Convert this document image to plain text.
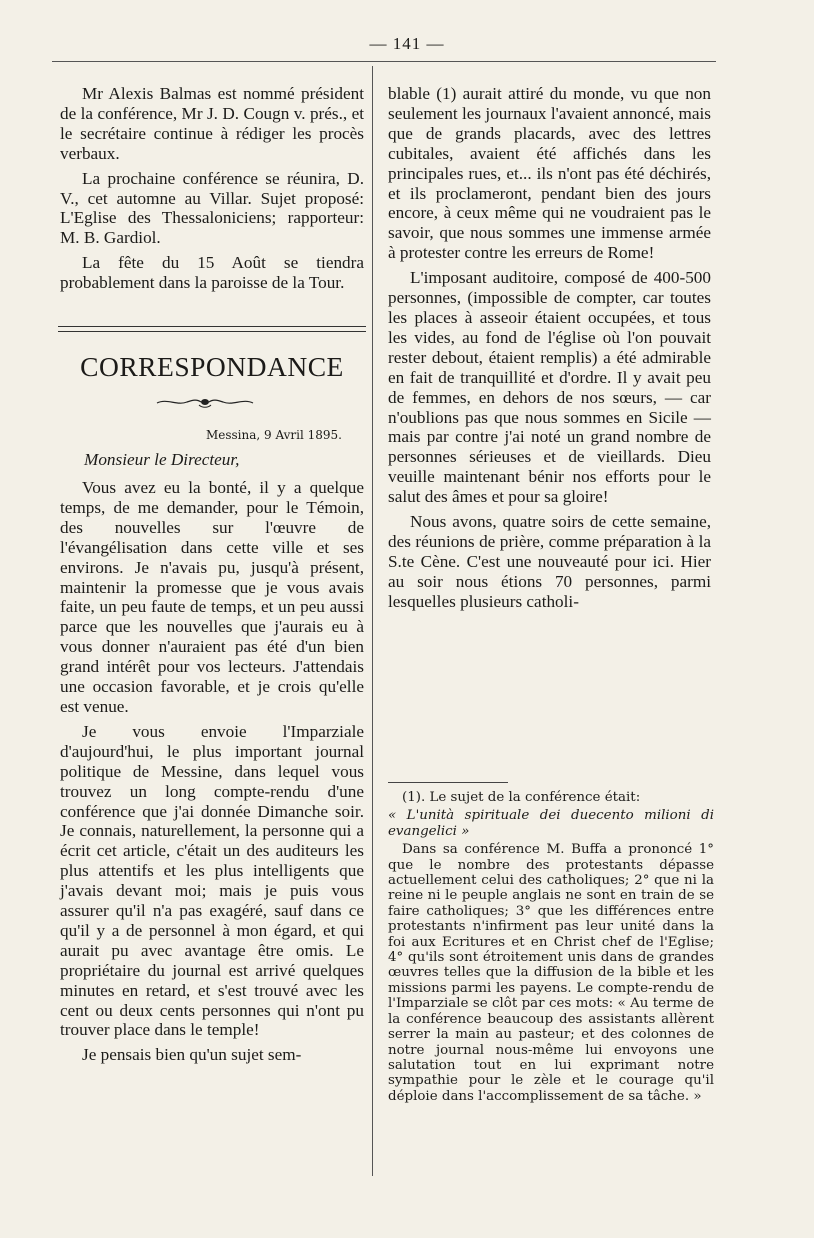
— 141 —

Mr Alexis Balmas est nommé président de la conférence, Mr J. D. Cougn v. prés., et le secrétaire continue à rédiger les procès verbaux.

La prochaine conférence se réunira, D. V., cet automne au Villar. Sujet proposé: L'Eglise des Thessaloniciens; rapporteur: M. B. Gardiol.

La fête du 15 Août se tiendra probablement dans la paroisse de la Tour.

CORRESPONDANCE
Messina, 9 Avril 1895.
Monsieur le Directeur,

Vous avez eu la bonté, il y a quelque temps, de me demander, pour le Témoin, des nouvelles sur l'œuvre de l'évangélisation dans cette ville et ses environs. Je n'avais pu, jusqu'à présent, maintenir la promesse que je vous avais faite, un peu faute de temps, et un peu aussi parce que les nouvelles que j'aurais eu à vous donner n'auraient pas été d'un bien grand intérêt pour vos lecteurs. J'attendais une occasion favorable, et je crois qu'elle est venue.

Je vous envoie l'Imparziale d'aujourd'hui, le plus important journal politique de Messine, dans lequel vous trouvez un long compte-rendu d'une conférence que j'ai donnée Dimanche soir. Je connais, naturellement, la personne qui a écrit cet article, c'était un des auditeurs les plus attentifs et les plus intelligents que j'avais devant moi; mais je puis vous assurer qu'il n'a pas exagéré, sauf dans ce qu'il y a de personnel à mon égard, et qui aurait pu avec avantage être omis. Le propriétaire du journal est arrivé quelques minutes en retard, et s'est trouvé avec les cent ou deux cents personnes qui n'ont pu trouver place dans le temple!

Je pensais bien qu'un sujet sem-

blable (1) aurait attiré du monde, vu que non seulement les journaux l'avaient annoncé, mais que de grands placards, avec des lettres cubitales, avaient été affichés dans les principales rues, et... ils n'ont pas été déchirés, et ils proclameront, pendant bien des jours encore, à ceux même qui ne voudraient pas le savoir, que nous sommes une immense armée à protester contre les erreurs de Rome!

L'imposant auditoire, composé de 400-500 personnes, (impossible de compter, car toutes les places à asseoir étaient occupées, et tous les vides, au fond de l'église où l'on pouvait rester debout, étaient remplis) a été admirable en fait de tranquillité et d'ordre. Il y avait peu de femmes, en dehors de nos sœurs, — car n'oublions pas que nous sommes en Sicile — mais par contre j'ai noté un grand nombre de personnes sérieuses et de vieillards. Dieu veuille maintenant bénir nos efforts pour le salut des âmes et pour sa gloire!

Nous avons, quatre soirs de cette semaine, des réunions de prière, comme préparation à la S.te Cène. C'est une nouveauté pour ici. Hier au soir nous étions 70 personnes, parmi lesquelles plusieurs catholi-

(1). Le sujet de la conférence était:

« L'unità spirituale dei duecento milioni di evangelici »

Dans sa conférence M. Buffa a prononcé 1° que le nombre des protestants dépasse actuellement celui des catholiques; 2° que ni la reine ni le peuple anglais ne sont en train de se faire catholiques; 3° que les différences entre protestants n'infirment pas leur unité dans la foi aux Ecritures et en Christ chef de l'Eglise; 4° qu'ils sont étroitement unis dans de grandes œuvres telles que la diffusion de la bible et les missions parmi les payens. Le compte-rendu de l'Imparziale se clôt par ces mots: « Au terme de la conférence beaucoup des assistants allèrent serrer la main au pasteur; et des colonnes de notre journal nous-même lui envoyons une salutation tout en lui exprimant notre sympathie pour le zèle et le courage qu'il déploie dans l'accomplissement de sa tâche. »
